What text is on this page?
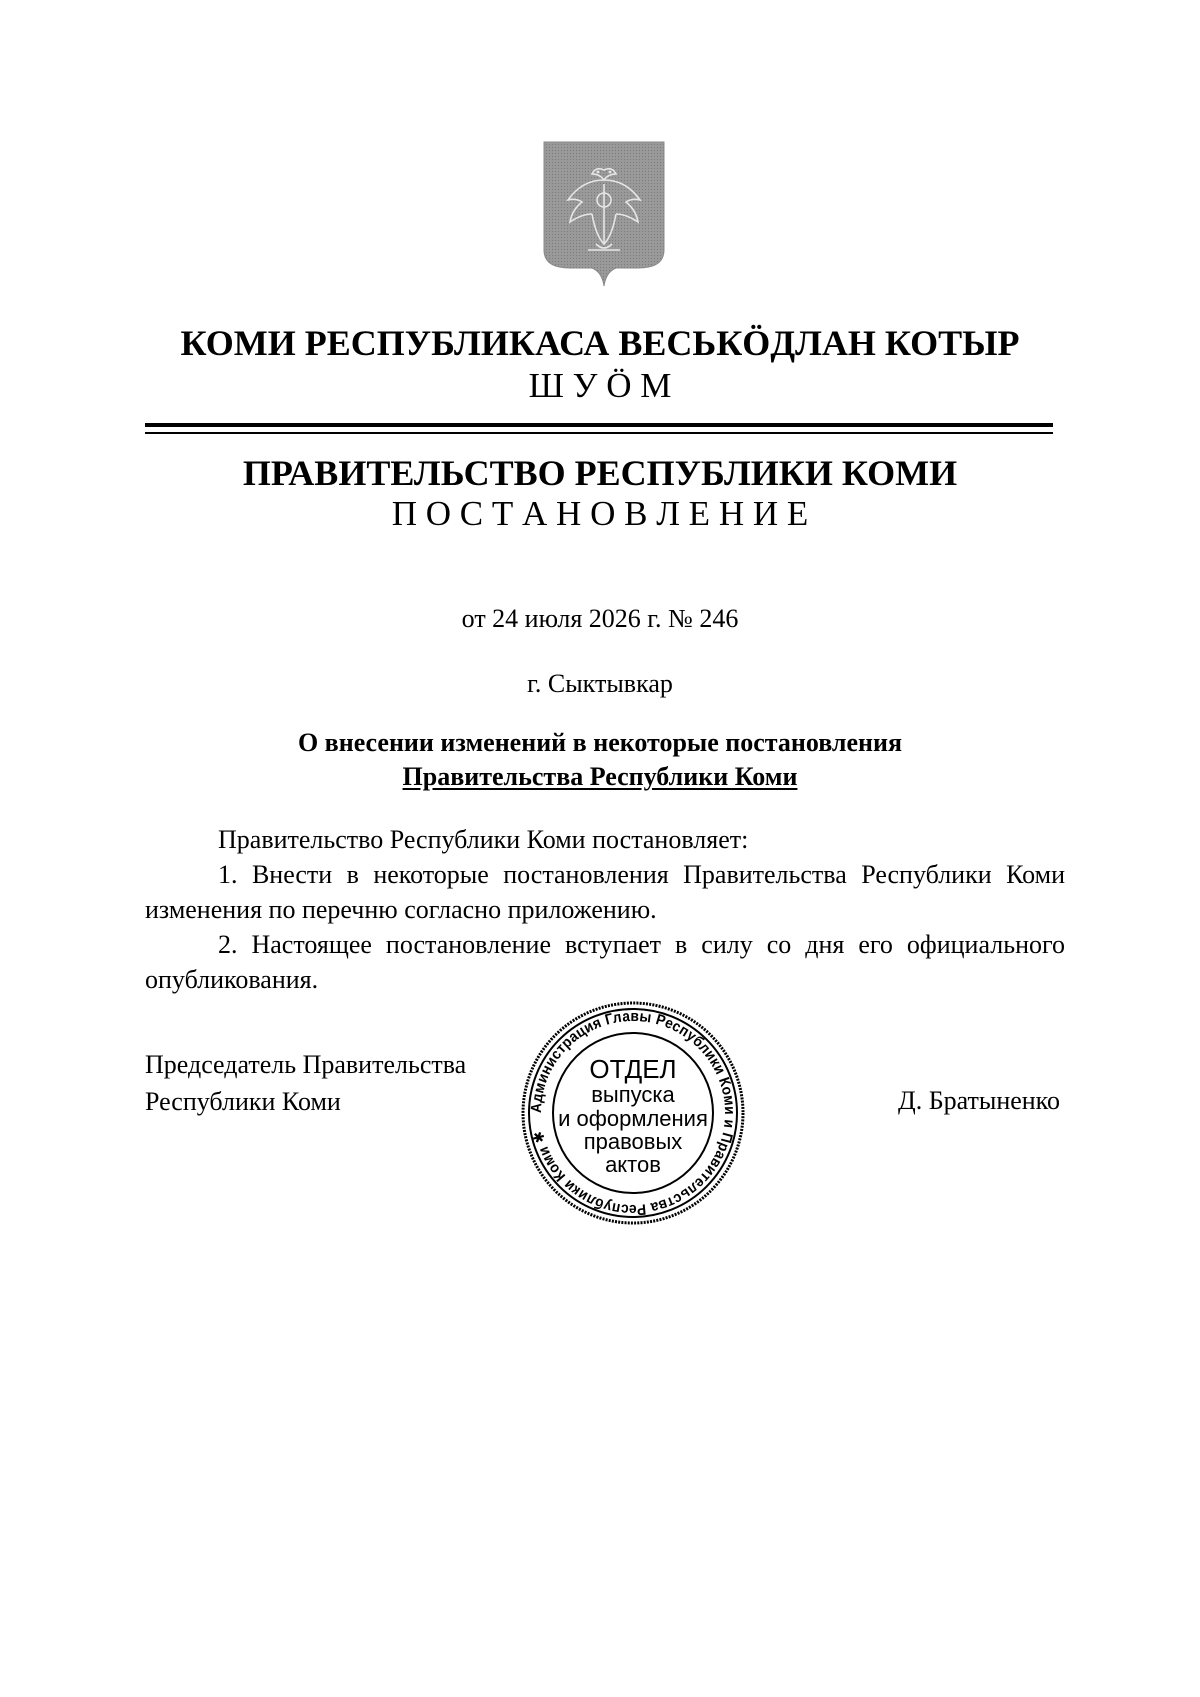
КОМИ РЕСПУБЛИКАСА ВЕСЬКӦДЛАН КОТЫР
Ш У Ӧ М
ПРАВИТЕЛЬСТВО РЕСПУБЛИКИ КОМИ
П О С Т А Н О В Л Е Н И Е
от 24 июля 2026 г. № 246
г. Сыктывкар
О внесении изменений в некоторые постановления
Правительства Республики Коми
Правительство Республики Коми постановляет:
1. Внести в некоторые постановления Правительства Республики Коми изменения по перечню согласно приложению.
2. Настоящее постановление вступает в силу со дня его официального опубликования.
Председатель Правительства
Республики Коми	Д. Братыненко
Администрация Главы Республики Коми и Правительства Республики Коми ✱
ОТДЕЛ
выпуска
и оформления
правовых
актов
